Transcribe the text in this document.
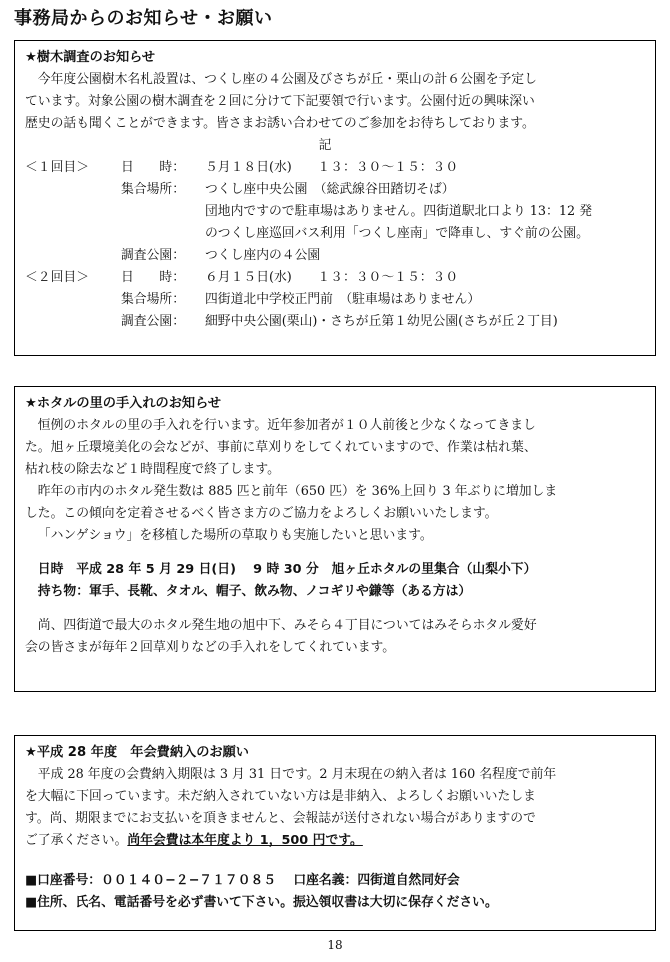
事務局からのお知らせ・お願い
★樹木調査のお知らせ

今年度公園樹木名札設置は、つくし座の４公園及びさちが丘・栗山の計６公園を予定し

ています。対象公園の樹木調査を２回に分けて下記要領で行います。公園付近の興味深い
歴史の話も聞くことができます。皆さまお誘い合わせてのご参加をお待ちしております。
記
＜１回目＞	日　　時：	５月１８日(水)　　１３：３０〜１５：３０
集合場所：	つくし座中央公園　（総武線谷田踏切そば）
団地内ですので駐車場はありません。四街道駅北口より 13：12 発
のつくし座巡回バス利用「つくし座南」で降車し、すぐ前の公園。
調査公園：	つくし座内の４公園
＜２回目＞	日　　時：	６月１５日(水)　　１３：３０〜１５：３０
集合場所：	四街道北中学校正門前　（駐車場はありません）
調査公園：	細野中央公園(栗山)・さちが丘第１幼児公園(さちが丘２丁目)
★ホタルの里の手入れのお知らせ

恒例のホタルの里の手入れを行います。近年参加者が１０人前後と少なくなってきまし

た。旭ヶ丘環境美化の会などが、事前に草刈りをしてくれていますので、作業は枯れ葉、
枯れ枝の除去など１時間程度で終了します。

昨年の市内のホタル発生数は 885 匹と前年（650 匹）を 36%上回り 3 年ぶりに増加しま

した。この傾向を定着させるべく皆さま方のご協力をよろしくお願いいたします。

「ハンゲショウ」を移植した場所の草取りも実施したいと思います。

日時　平成 28 年 5 月 29 日(日)　 9 時 30 分　旭ヶ丘ホタルの里集合（山梨小下）

持ち物：軍手、長靴、タオル、帽子、飲み物、ノコギリや鎌等（ある方は）

尚、四街道で最大のホタル発生地の旭中下、みそら４丁目についてはみそらホタル愛好

会の皆さまが毎年２回草刈りなどの手入れをしてくれています。
★平成 28 年度　年会費納入のお願い

平成 28 年度の会費納入期限は 3 月 31 日です。2 月末現在の納入者は 160 名程度で前年

を大幅に下回っています。未だ納入されていない方は是非納入、よろしくお願いいたしま
す。尚、期限までにお支払いを頂きませんと、会報誌が送付されない場合がありますので
ご了承ください。尚年会費は本年度より 1，500 円です。
■口座番号：００１４０−２−７１７０８５　 口座名義：四街道自然同好会
■住所、氏名、電話番号を必ず書いて下さい。振込領収書は大切に保存ください。
18
